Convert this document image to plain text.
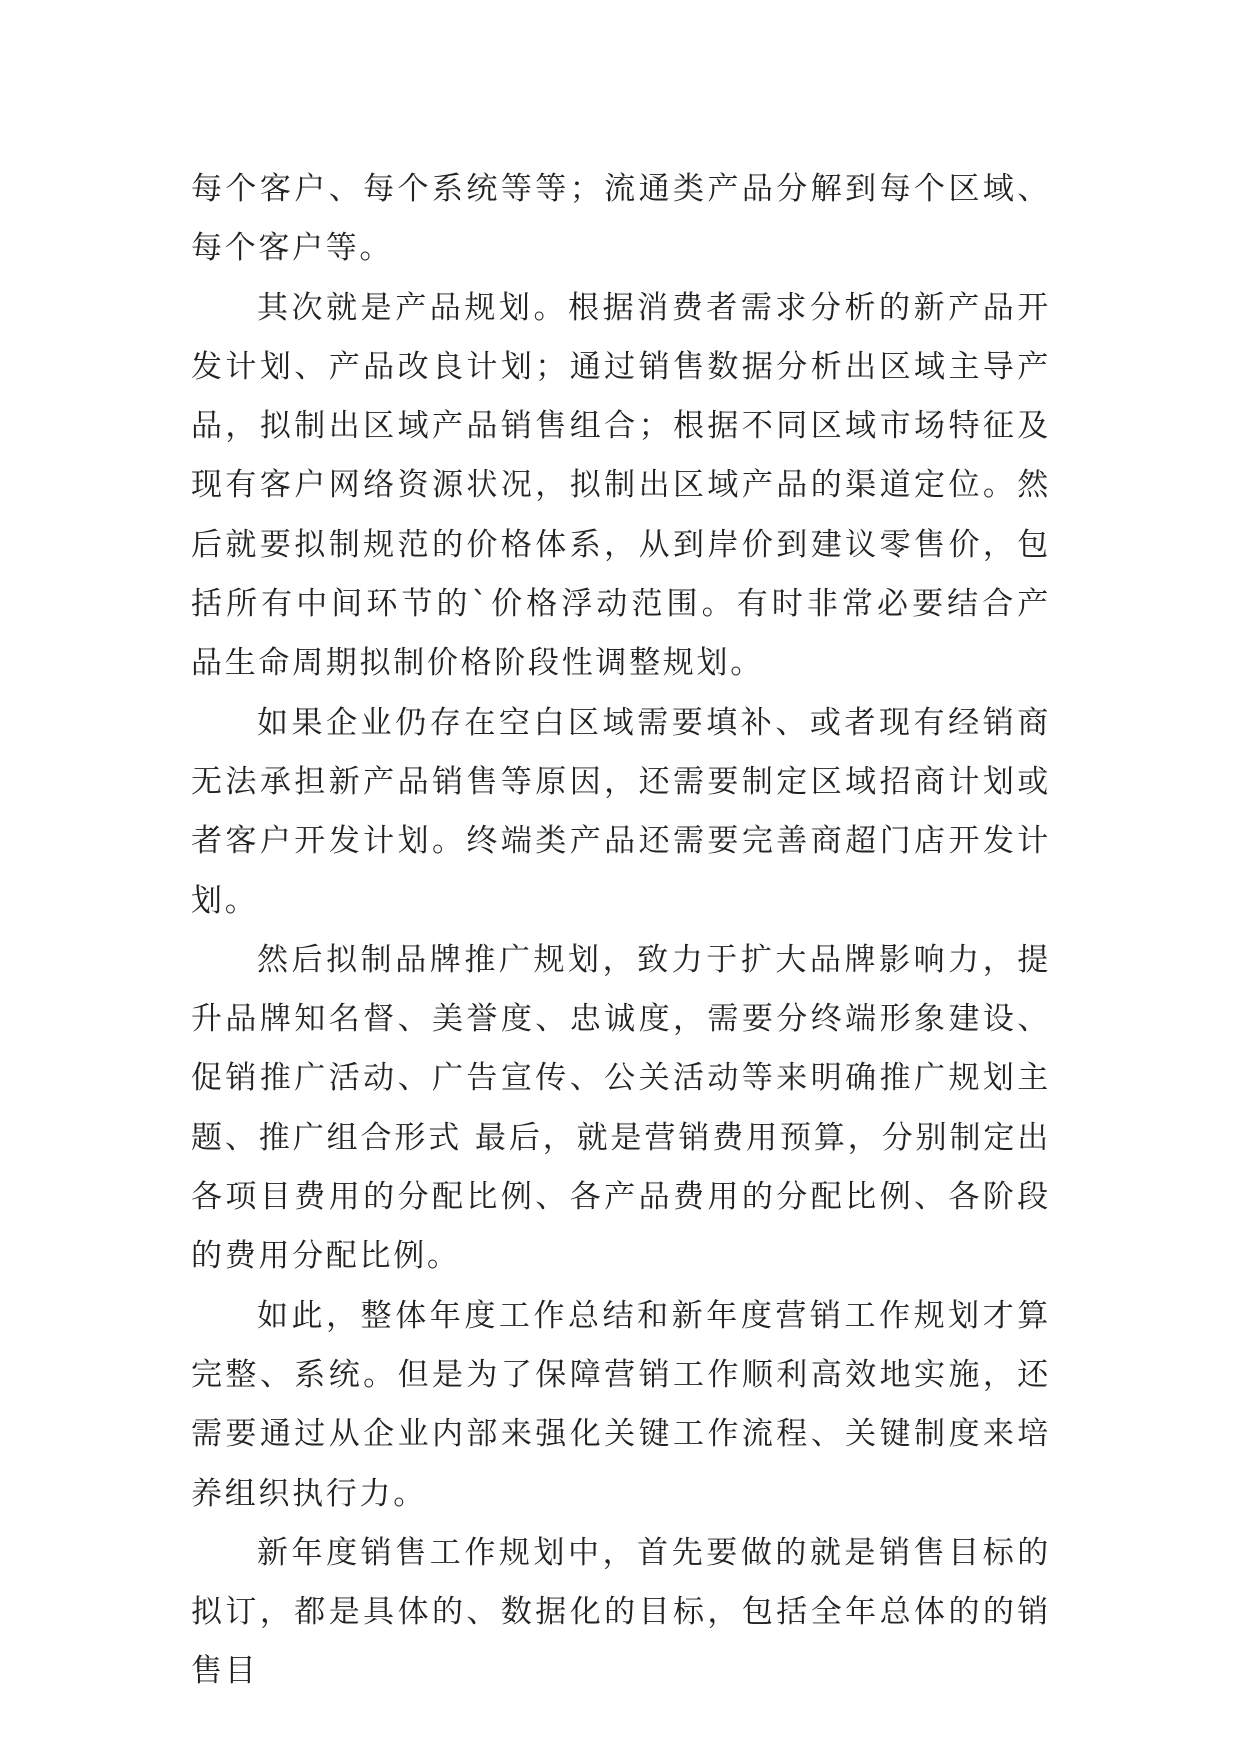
每个客户、每个系统等等；流通类产品分解到每个区域、每个客户等。

其次就是产品规划。根据消费者需求分析的新产品开发计划、产品改良计划；通过销售数据分析出区域主导产品，拟制出区域产品销售组合；根据不同区域市场特征及现有客户网络资源状况，拟制出区域产品的渠道定位。然后就要拟制规范的价格体系，从到岸价到建议零售价，包括所有中间环节的`价格浮动范围。有时非常必要结合产品生命周期拟制价格阶段性调整规划。

如果企业仍存在空白区域需要填补、或者现有经销商无法承担新产品销售等原因，还需要制定区域招商计划或者客户开发计划。终端类产品还需要完善商超门店开发计划。

然后拟制品牌推广规划，致力于扩大品牌影响力，提升品牌知名督、美誉度、忠诚度，需要分终端形象建设、促销推广活动、广告宣传、公关活动等来明确推广规划主题、推广组合形式 最后，就是营销费用预算，分别制定出各项目费用的分配比例、各产品费用的分配比例、各阶段的费用分配比例。

如此，整体年度工作总结和新年度营销工作规划才算完整、系统。但是为了保障营销工作顺利高效地实施，还需要通过从企业内部来强化关键工作流程、关键制度来培养组织执行力。

新年度销售工作规划中，首先要做的就是销售目标的拟订，都是具体的、数据化的目标，包括全年总体的的销售目
